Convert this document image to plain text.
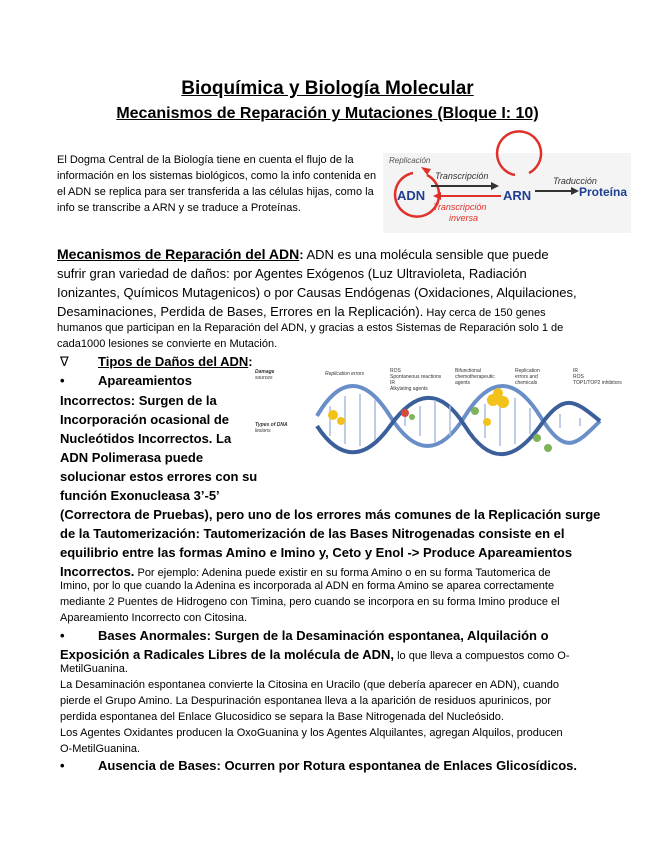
Bioquímica y Biología Molecular
Mecanismos de Reparación y Mutaciones (Bloque I: 10)
El Dogma Central de la Biología tiene en cuenta el flujo de la información en los sistemas biológicos, como la info contenida en el ADN se replica para ser transferida a las células hijas, como la info se transcribe a ARN y se traduce a Proteínas.
Replicación
ADN
Transcripción
Transcripción
inversa
ARN
Traducción
Proteína
Mecanismos de Reparación del ADN: ADN es una molécula sensible que puede
sufrir gran variedad de daños: por Agentes Exógenos (Luz Ultravioleta, Radiación
Ionizantes, Químicos Mutagenicos) o por Causas Endógenas (Oxidaciones, Alquilaciones,
Desaminaciones, Perdida de Bases, Errores en la Replicación). Hay cerca de 150 genes
humanos que participan en la Reparación del ADN, y gracias a estos Sistemas de Reparación solo 1 de
cada1000 lesiones se convierte en Mutación.
∇ Tipos de Daños del ADN:
Damage
sources
Replication errors	ROS
Spontaneous reactions
IR
Alkylating agents
Bifunctional
chemotherapeutic
agents
Replication
errors and
chemicals
IR
ROS
TOP1/TOP2 inhibitors
Types of DNA
lesions
•	Apareamientos
Incorrectos: Surgen de la
Incorporación ocasional de
Nucleótidos Incorrectos. La
ADN Polimerasa puede
solucionar estos errores con su
función Exonucleasa 3’-5’
(Correctora de Pruebas), pero uno de los errores más comunes de la Replicación surge
de la Tautomerización: Tautomerización de las Bases Nitrogenadas consiste en el
equilibrio entre las formas Amino e Imino y, Ceto y Enol -> Produce Apareamientos
Incorrectos. Por ejemplo: Adenina puede existir en su forma Amino o en su forma Tautomerica de
Imino, por lo que cuando la Adenina es incorporada al ADN en forma Amino se aparea correctamente
mediante 2 Puentes de Hidrogeno con Timina, pero cuando se incorpora en su forma Imino produce el
Apareamiento Incorrecto con Citosina.
•	Bases Anormales: Surgen de la Desaminación espontanea, Alquilación o
Exposición a Radicales Libres de la molécula de ADN, lo que lleva a compuestos como O-
MetilGuanina.
La Desaminación espontanea convierte la Citosina en Uracilo (que debería aparecer en ADN), cuando
pierde el Grupo Amino. La Despurinación espontanea lleva a la aparición de residuos apurinicos, por
perdida espontanea del Enlace Glucosidico se separa la Base Nitrogenada del Nucleósido.
Los Agentes Oxidantes producen la OxoGuanina y los Agentes Alquilantes, agregan Alquilos, producen
O-MetilGuanina.
•	Ausencia de Bases: Ocurren por Rotura espontanea de Enlaces Glicosídicos.
